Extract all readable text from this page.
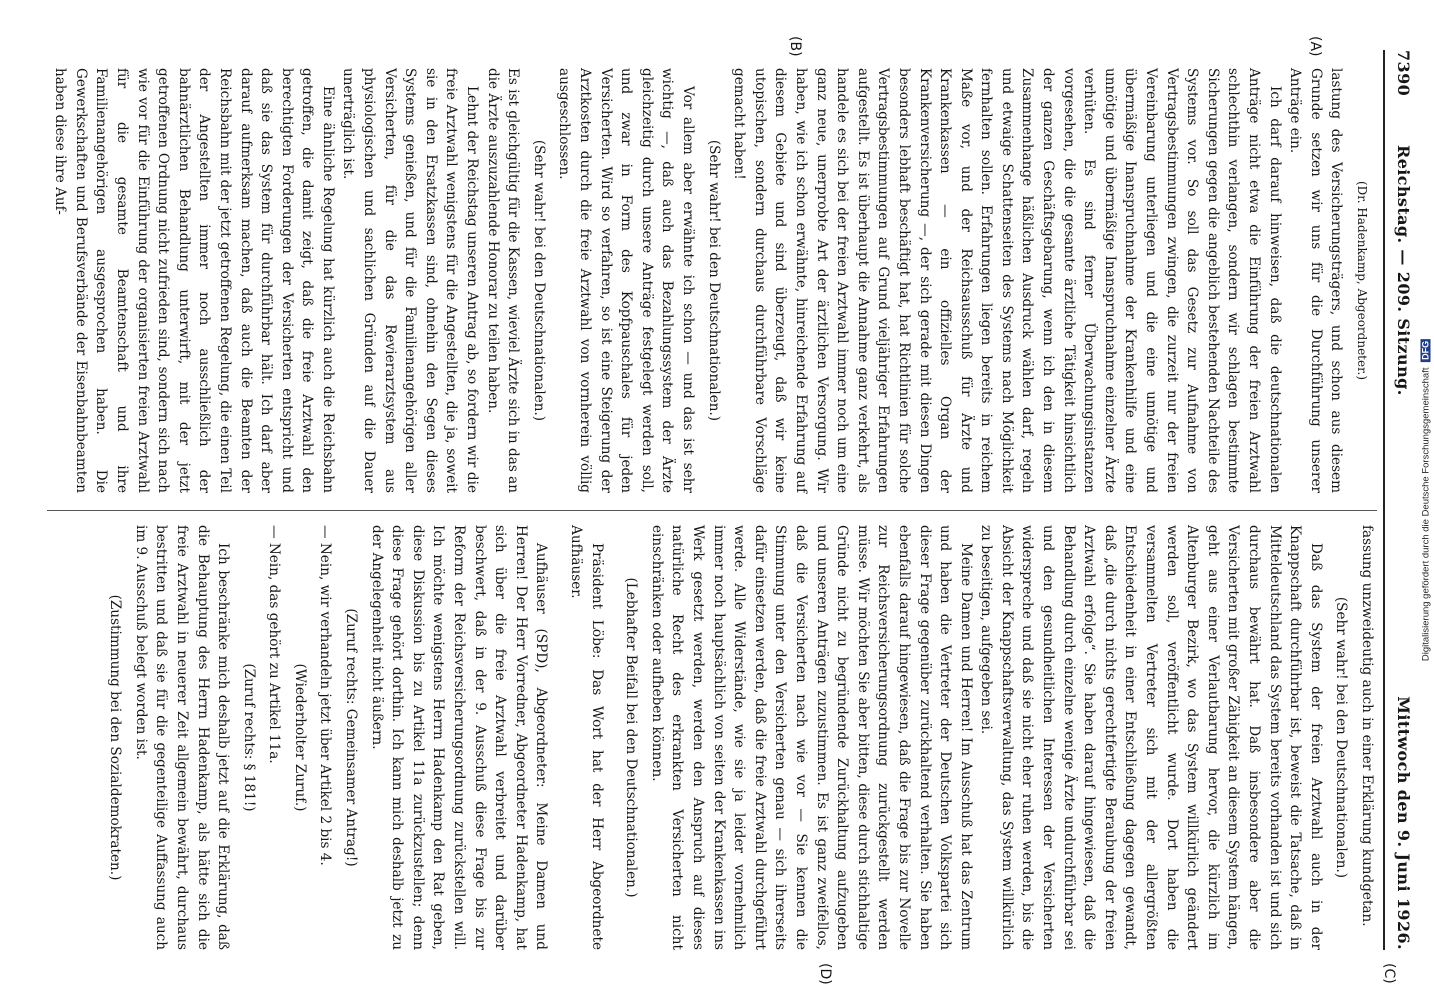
7390
Reichstag. — 209. Sitzung.
Mittwoch den 9. Juni 1926.
(A)
(B)
(C)
(D)

(Dr. Hadenkamp, Abgeordneter.)

lastung des Versicherungsträgers, und schon aus diesem Grunde setzen wir uns für die Durchführung unserer Anträge ein.

Ich darf darauf hinweisen, daß die deutschnationalen Anträge nicht etwa die Einführung der freien Arztwahl schlechthin verlangen, sondern wir schlagen bestimmte Sicherungen gegen die angeblich bestehenden Nachteile des Systems vor. So soll das Gesetz zur Aufnahme von Vertragsbestimmungen zwingen, die zurzeit nur der freien Vereinbarung unterliegen und die eine unnötige und übermäßige Inanspruchnahme der Krankenhilfe und eine unnötige und übermäßige Inanspruchnahme einzelner Ärzte verhüten. Es sind ferner Überwachungsinstanzen vorgesehen, die die gesamte ärztliche Tätigkeit hinsichtlich der ganzen Geschäftsgebarung, wenn ich den in diesem Zusammenhange häßlichen Ausdruck wählen darf, regeln und etwaige Schattenseiten des Systems nach Möglichkeit fernhalten sollen. Erfahrungen liegen bereits in reichem Maße vor, und der Reichsausschuß für Ärzte und Krankenkassen — ein offizielles Organ der Krankenversicherung —, der sich gerade mit diesen Dingen besonders lebhaft beschäftigt hat, hat Richtlinien für solche Vertragsbestimmungen auf Grund vieljähriger Erfahrungen aufgestellt. Es ist überhaupt die Annahme ganz verkehrt, als handele es sich bei der freien Arztwahl immer noch um eine ganz neue, unerprobte Art der ärztlichen Versorgung. Wir haben, wie ich schon erwähnte, hinreichende Erfahrung auf diesem Gebiete und sind überzeugt, daß wir keine utopischen, sondern durchaus durchführbare Vorschläge gemacht haben!

(Sehr wahr! bei den Deutschnationalen.)

Vor allem aber erwähnte ich schon — und das ist sehr wichtig —, daß auch das Bezahlungssystem der Ärzte gleichzeitig durch unsere Anträge festgelegt werden soll, und zwar in Form des Kopfpauschales für jeden Versicherten. Wird so verfahren, so ist eine Steigerung der Arztkosten durch die freie Arztwahl von vornherein völlig ausgeschlossen.

(Sehr wahr! bei den Deutschnationalen.)

Es ist gleichgültig für die Kassen, wieviel Ärzte sich in das an die Ärzte auszuzahlende Honorar zu teilen haben.

Lehnt der Reichstag unseren Antrag ab, so fordern wir die freie Arztwahl wenigstens für die Angestellten, die ja, soweit sie in den Ersatzkassen sind, ohnehin den Segen dieses Systems genießen, und für die Familienangehörigen aller Versicherten, für die das Revierarztsystem aus physiologischen und sachlichen Gründen auf die Dauer unerträglich ist.

Eine ähnliche Regelung hat kürzlich auch die Reichsbahn getroffen, die damit zeigt, daß die freie Arztwahl den berechtigten Forderungen der Versicherten entspricht und daß sie das System für durchführbar hält. Ich darf aber darauf aufmerksam machen, daß auch die Beamten der Reichsbahn mit der jetzt getroffenen Regelung, die einen Teil der Angestellten immer noch ausschließlich der bahnärztlichen Behandlung unterwirft, mit der jetzt getroffenen Ordnung nicht zufrieden sind, sondern sich nach wie vor für die Einführung der organisierten freien Arztwahl für die gesamte Beamtenschaft und ihre Familienangehörigen ausgesprochen haben. Die Gewerkschaften und Berufsverbände der Eisenbahnbeamten haben diese ihre Auf-

fassung unzweideutig auch in einer Erklärung kundgetan.

(Sehr wahr! bei den Deutschnationalen.)

Daß das System der freien Arztwahl auch in der Knappschaft durchführbar ist, beweist die Tatsache, daß in Mitteldeutschland das System bereits vorhanden ist und sich durchaus bewährt hat. Daß insbesondere aber die Versicherten mit großer Zähigkeit an diesem System hängen, geht aus einer Verlautbarung hervor, die kürzlich im Altenburger Bezirk, wo das System willkürlich geändert werden soll, veröffentlicht wurde. Dort haben die versammelten Vertreter sich mit der allergrößten Entschiedenheit in einer Entschließung dagegen gewandt, daß „die durch nichts gerechtfertigte Beraubung der freien Arztwahl erfolge“. Sie haben darauf hingewiesen, daß die Behandlung durch einzelne wenige Ärzte undurchführbar sei und den gesundheitlichen Interessen der Versicherten widerspreche und daß sie nicht eher ruhen werden, bis die Absicht der Knappschaftsverwaltung, das System willkürlich zu beseitigen, aufgegeben sei.

Meine Damen und Herren! Im Ausschuß hat das Zentrum und haben die Vertreter der Deutschen Volkspartei sich dieser Frage gegenüber zurückhaltend verhalten. Sie haben ebenfalls darauf hingewiesen, daß die Frage bis zur Novelle zur Reichsversicherungsordnung zurückgestellt werden müsse. Wir möchten Sie aber bitten, diese durch stichhaltige Gründe nicht zu begründende Zurückhaltung aufzugeben und unseren Anträgen zuzustimmen. Es ist ganz zweifellos, daß die Versicherten nach wie vor — Sie kennen die Stimmung unter den Versicherten genau — sich ihrerseits dafür einsetzen werden, daß die freie Arztwahl durchgeführt werde. Alle Widerstände, wie sie ja leider vornehmlich immer noch hauptsächlich von seiten der Krankenkassen ins Werk gesetzt werden, werden den Anspruch auf dieses natürliche Recht des erkrankten Versicherten nicht einschränken oder aufheben können.

(Lebhafter Beifall bei den Deutschnationalen.)

Präsident Löbe: Das Wort hat der Herr Abgeordnete Aufhäuser.

Aufhäuser (SPD), Abgeordneter: Meine Damen und Herren! Der Herr Vorredner, Abgeordneter Hadenkamp, hat sich über die freie Arztwahl verbreitet und darüber beschwert, daß in der 9. Ausschuß diese Frage bis zur Reform der Reichsversicherungsordnung zurückstellen will. Ich möchte wenigstens Herrn Hadenkamp den Rat geben, diese Diskussion bis zu Artikel 11a zurückzustellen; denn diese Frage gehört dorthin. Ich kann mich deshalb jetzt zu der Angelegenheit nicht äußern.

(Zuruf rechts: Gemeinsamer Antrag!)

— Nein, wir verhandeln jetzt über Artikel 2 bis 4.

(Wiederholter Zuruf.)

— Nein, das gehört zu Artikel 11a.

(Zuruf rechts: § 181!)

Ich beschränke mich deshalb jetzt auf die Erklärung, daß die Behauptung des Herrn Hadenkamp, als hätte sich die freie Arztwahl in neuerer Zeit allgemein bewährt, durchaus bestritten und daß sie für die gegenteilige Auffassung auch im 9. Ausschuß belegt worden ist.

(Zustimmung bei den Sozialdemokraten.)

Digitalisierung gefördert durch die Deutsche Forschungsgemeinschaft DFG
